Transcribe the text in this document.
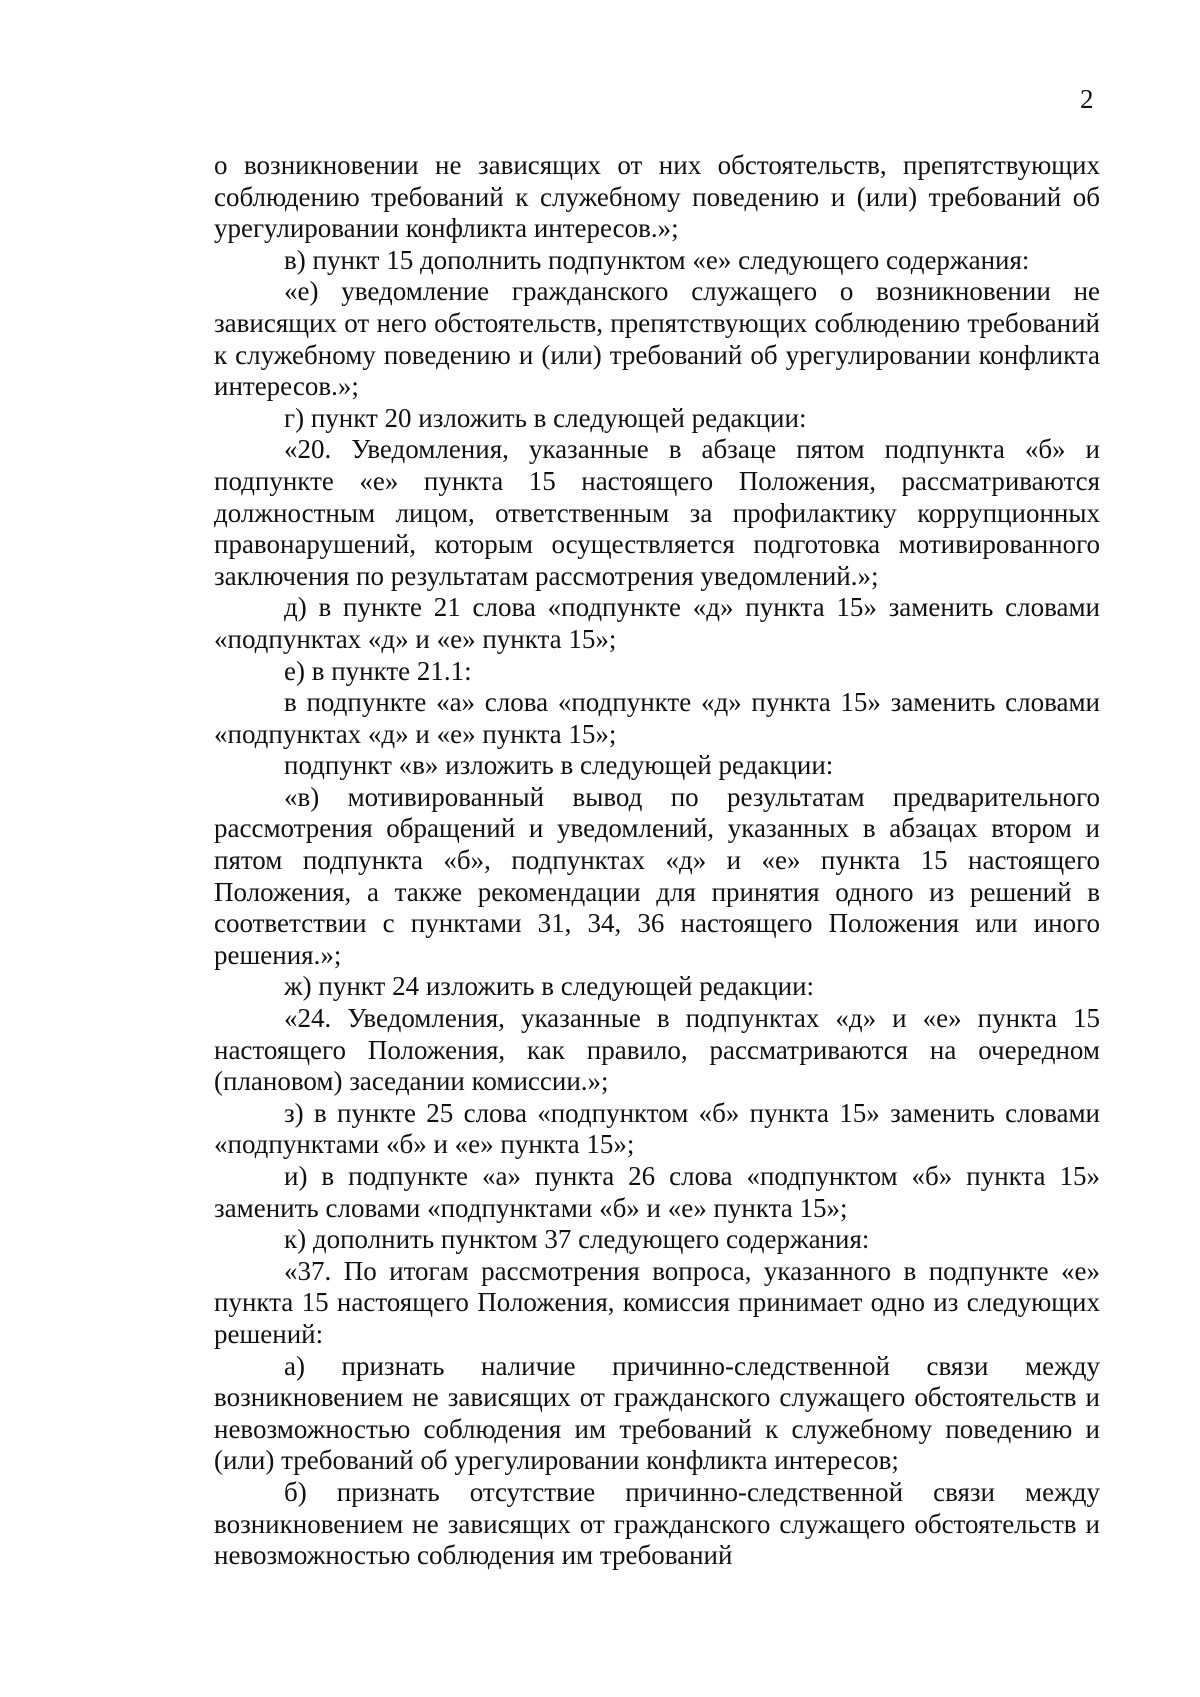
2

о возникновении не зависящих от них обстоятельств, препятствующих соблюдению требований к служебному поведению и (или) требований об урегулировании конфликта интересов.»;

в) пункт 15 дополнить подпунктом «е» следующего содержания:

«е) уведомление гражданского служащего о возникновении не зависящих от него обстоятельств, препятствующих соблюдению требований к служебному поведению и (или) требований об урегулировании конфликта интересов.»;

г) пункт 20 изложить в следующей редакции:

«20. Уведомления, указанные в абзаце пятом подпункта «б» и подпункте «е» пункта 15 настоящего Положения, рассматриваются должностным лицом, ответственным за профилактику коррупционных правонарушений, которым осуществляется подготовка мотивированного заключения по результатам рассмотрения уведомлений.»;

д) в пункте 21 слова «подпункте «д» пункта 15» заменить словами «подпунктах «д» и «е» пункта 15»;

е) в пункте 21.1:

в подпункте «а» слова «подпункте «д» пункта 15» заменить словами «подпунктах «д» и «е» пункта 15»;

подпункт «в» изложить в следующей редакции:

«в) мотивированный вывод по результатам предварительного рассмотрения обращений и уведомлений, указанных в абзацах втором и пятом подпункта «б», подпунктах «д» и «е» пункта 15 настоящего Положения, а также рекомендации для принятия одного из решений в соответствии с пунктами 31, 34, 36 настоящего Положения или иного решения.»;

ж) пункт 24 изложить в следующей редакции:

«24. Уведомления, указанные в подпунктах «д» и «е» пункта 15 настоящего Положения, как правило, рассматриваются на очередном (плановом) заседании комиссии.»;

з) в пункте 25 слова «подпунктом «б» пункта 15» заменить словами «подпунктами «б» и «е» пункта 15»;

и) в подпункте «а» пункта 26 слова «подпунктом «б» пункта 15» заменить словами «подпунктами «б» и «е» пункта 15»;

к) дополнить пунктом 37 следующего содержания:

«37. По итогам рассмотрения вопроса, указанного в подпункте «е» пункта 15 настоящего Положения, комиссия принимает одно из следующих решений:

а) признать наличие причинно-следственной связи между возникновением не зависящих от гражданского служащего обстоятельств и невозможностью соблюдения им требований к служебному поведению и (или) требований об урегулировании конфликта интересов;

б) признать отсутствие причинно-следственной связи между возникновением не зависящих от гражданского служащего обстоятельств и невозможностью соблюдения им требований
